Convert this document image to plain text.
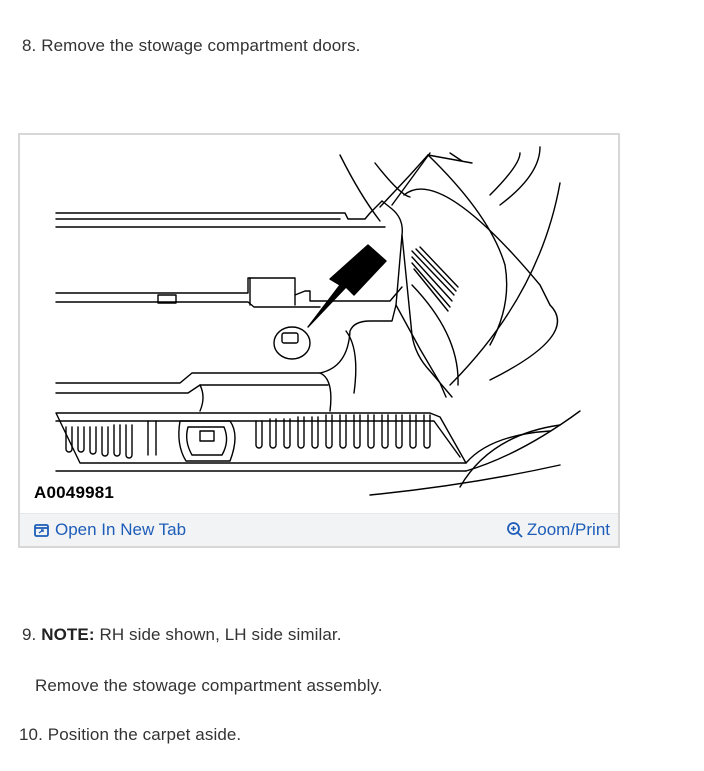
8. Remove the stowage compartment doors.
A0049981
Open In New Tab	Zoom/Print
9. NOTE: RH side shown, LH side similar.
Remove the stowage compartment assembly.
10. Position the carpet aside.
